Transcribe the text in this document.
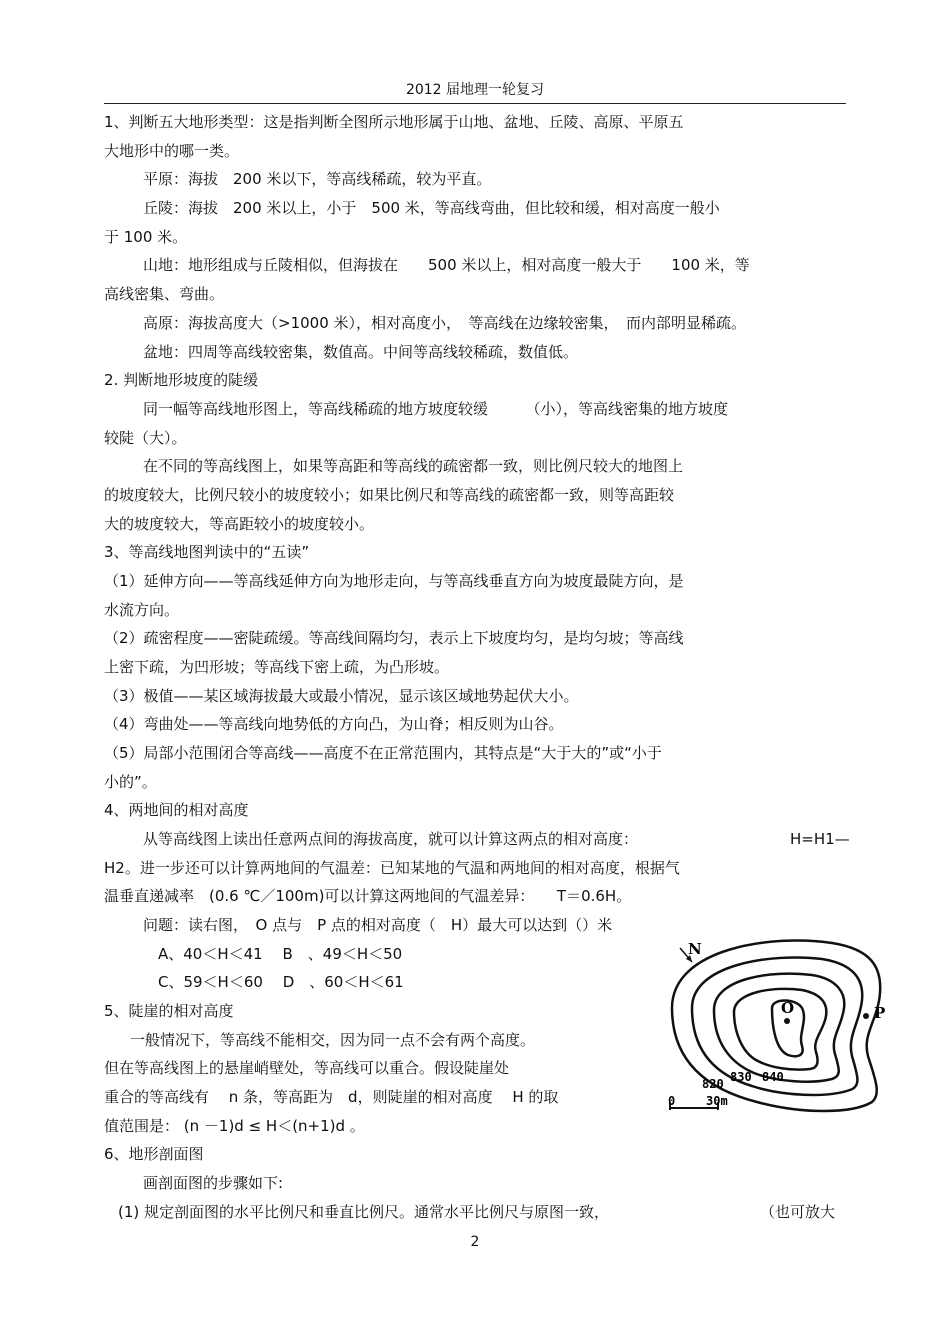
2012 届地理一轮复习
1、判断五大地形类型：这是指判断全图所示地形属于山地、盆地、丘陵、高原、平原五
大地形中的哪一类。
平原：海拔　200 米以下，等高线稀疏，较为平直。
丘陵：海拔　200 米以上，小于　500 米，等高线弯曲，但比较和缓，相对高度一般小
于 100 米。
山地：地形组成与丘陵相似，但海拔在　　500 米以上，相对高度一般大于　　100 米，等
高线密集、弯曲。
高原：海拔高度大（>1000 米），相对高度小，　等高线在边缘较密集，　而内部明显稀疏。
盆地：四周等高线较密集，数值高。中间等高线较稀疏，数值低。
2. 判断地形坡度的陡缓
同一幅等高线地形图上，等高线稀疏的地方坡度较缓　　　（小），等高线密集的地方坡度
较陡（大）。
在不同的等高线图上，如果等高距和等高线的疏密都一致，则比例尺较大的地图上
的坡度较大，比例尺较小的坡度较小；如果比例尺和等高线的疏密都一致，则等高距较
大的坡度较大，等高距较小的坡度较小。
3、等高线地图判读中的“五读”
（1）延伸方向——等高线延伸方向为地形走向，与等高线垂直方向为坡度最陡方向，是
水流方向。
（2）疏密程度——密陡疏缓。等高线间隔均匀，表示上下坡度均匀，是均匀坡；等高线
上密下疏，为凹形坡；等高线下密上疏，为凸形坡。
（3）极值——某区域海拔最大或最小情况，显示该区域地势起伏大小。
（4）弯曲处——等高线向地势低的方向凸，为山脊；相反则为山谷。
（5）局部小范围闭合等高线——高度不在正常范围内，其特点是“大于大的”或“小于
小的”。
4、两地间的相对高度
从等高线图上读出任意两点间的海拔高度，就可以计算这两点的相对高度：	H=H1—
H2。进一步还可以计算两地间的气温差：已知某地的气温和两地间的相对高度，根据气
温垂直递减率　(0.6 ℃／100m)可以计算这两地间的气温差异：　　T＝0.6H。
问题：读右图，　O 点与　P 点的相对高度（　H）最大可以达到（）米
A、40＜H＜41　 B　、49＜H＜50
C、59＜H＜60　 D　、60＜H＜61
5、陡崖的相对高度
一般情况下，等高线不能相交，因为同一点不会有两个高度。
但在等高线图上的悬崖峭壁处，等高线可以重合。假设陡崖处
重合的等高线有　 n 条，等高距为　d，则陡崖的相对高度　 H 的取
值范围是： (n －1)d ≤ H＜(n+1)d 。
6、地形剖面图
画剖面图的步骤如下:
(1) 规定剖面图的水平比例尺和垂直比例尺。通常水平比例尺与原图一致，	（也可放大
N
O	P
820 830 840
0	30m
2
